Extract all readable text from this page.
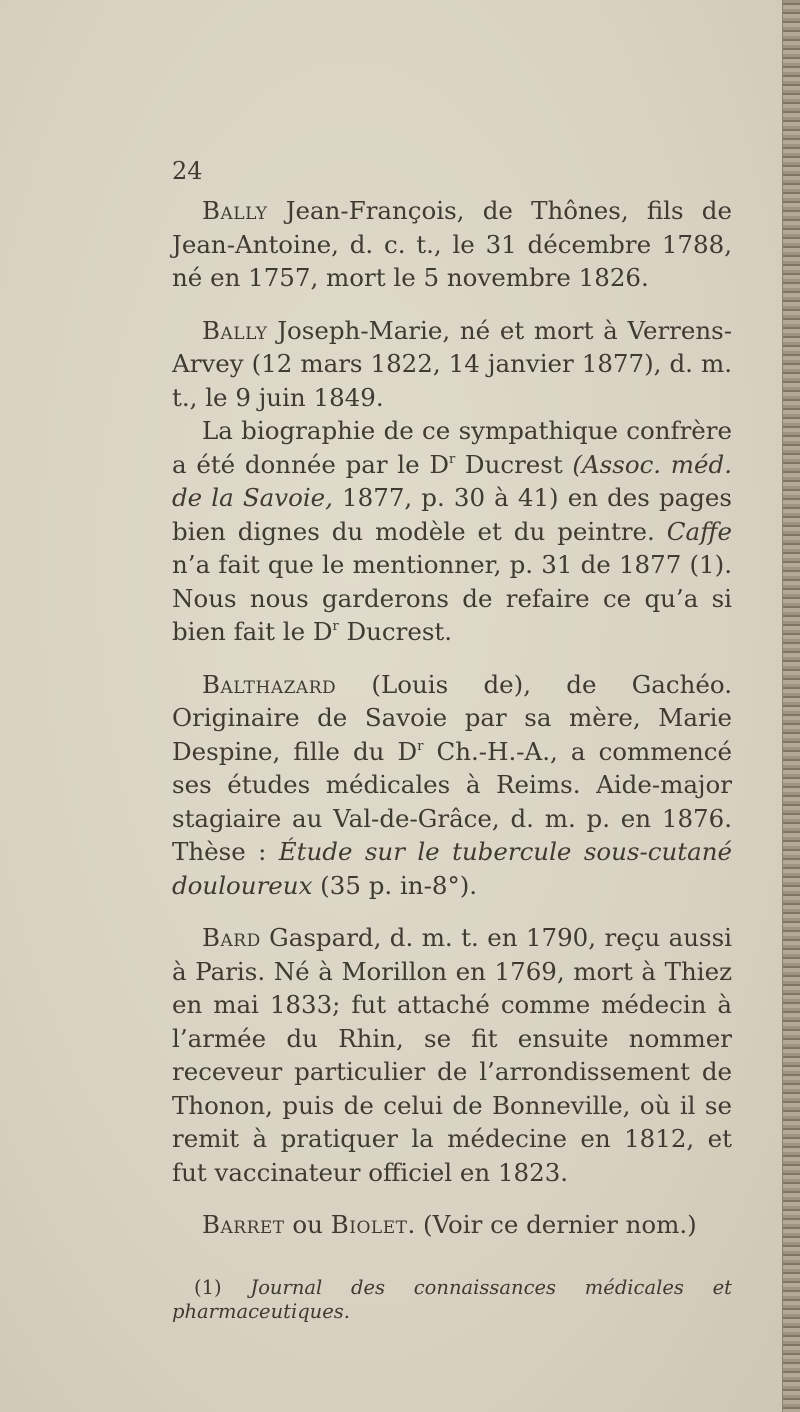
24

Bally Jean-François, de Thônes, fils de Jean-Antoine, d. c. t., le 31 décembre 1788, né en 1757, mort le 5 novembre 1826.

Bally Joseph-Marie, né et mort à Verrens-Arvey (12 mars 1822, 14 janvier 1877), d. m. t., le 9 juin 1849.

La biographie de ce sympathique confrère a été donnée par le $D^r$ Ducrest (Assoc. méd. de la Savoie, 1877, p. 30 à 41) en des pages bien dignes du modèle et du peintre. Caffe n’a fait que le mentionner, p. 31 de 1877 (1). Nous nous garderons de refaire ce qu’a si bien fait le $D^r$ Ducrest.

Balthazard (Louis de), de Gachéo. Originaire de Savoie par sa mère, Marie Despine, fille du $D^r$ Ch.-H.-A., a commencé ses études médicales à Reims. Aide-major stagiaire au Val-de-Grâce, d. m. p. en 1876. Thèse : Étude sur le tubercule sous-cutané douloureux (35 p. in-8°).

Bard Gaspard, d. m. t. en 1790, reçu aussi à Paris. Né à Morillon en 1769, mort à Thiez en mai 1833; fut attaché comme médecin à l’armée du Rhin, se fit ensuite nommer receveur particulier de l’arrondissement de Thonon, puis de celui de Bonneville, où il se remit à pratiquer la médecine en 1812, et fut vaccinateur officiel en 1823.

Barret ou Biolet. (Voir ce dernier nom.)

(1) Journal des connaissances médicales et pharmaceutiques.
